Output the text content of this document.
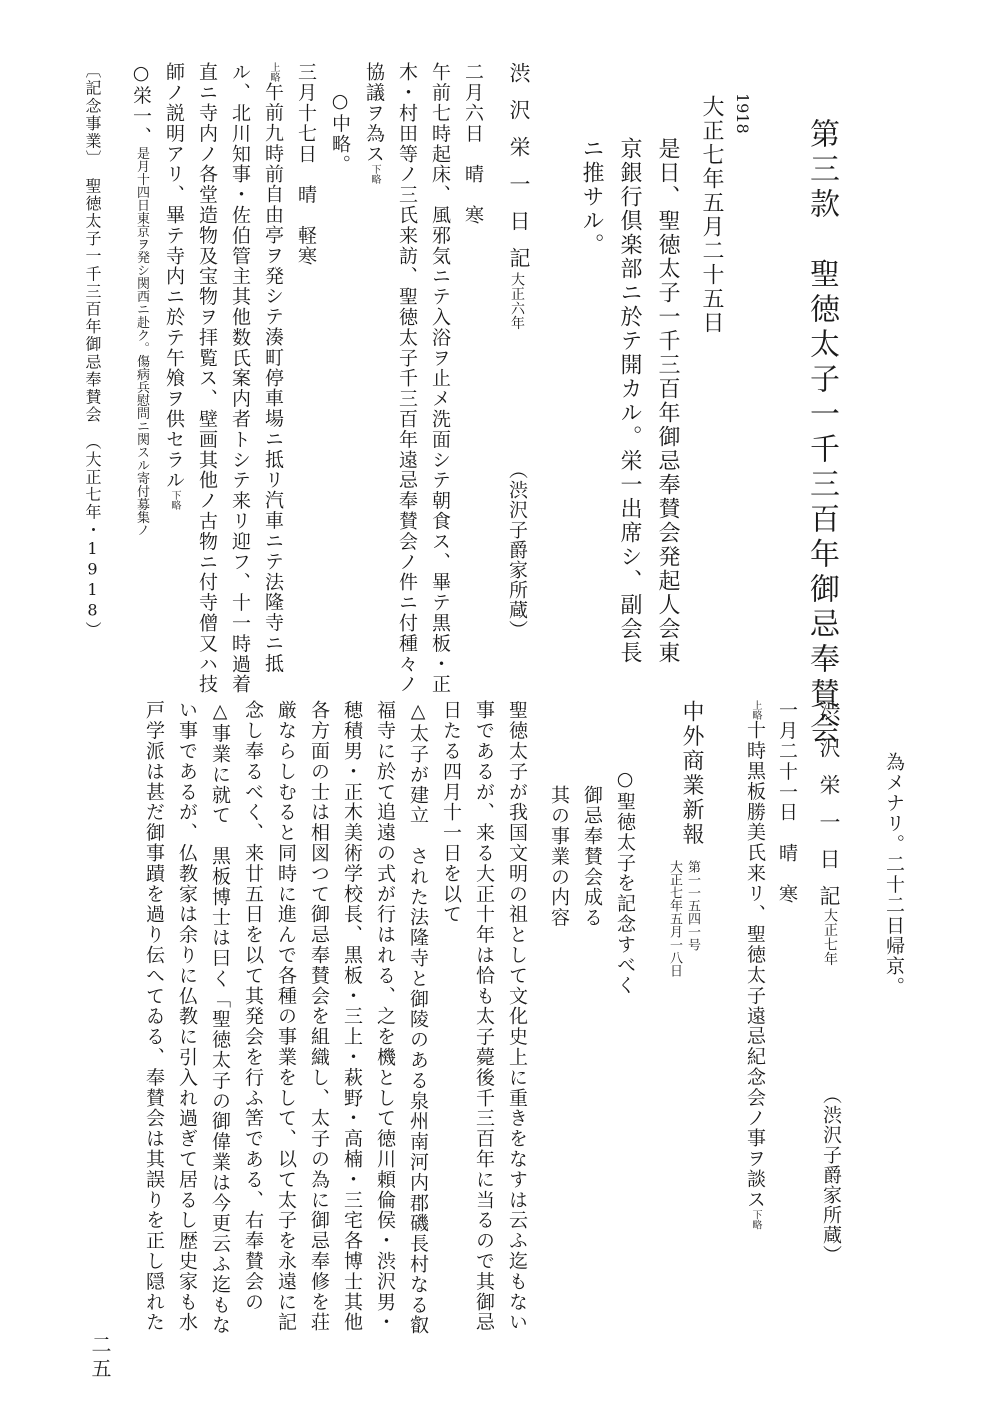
第三款　聖徳太子一千三百年御忌奉賛会
1918
大正七年五月二十五日
是日、聖徳太子一千三百年御忌奉賛会発起人会東
京銀行倶楽部ニ於テ開カル。栄一出席シ、副会長
ニ推サル。
渋沢栄一日記
大正六年
（渋沢子爵家所蔵）
二月六日　晴　寒
午前七時起床、風邪気ニテ入浴ヲ止メ洗面シテ朝食ス、畢テ黒板・正
木・村田等ノ三氏来訪、聖徳太子千三百年遠忌奉賛会ノ件ニ付種々ノ
協議ヲ為ス下略
○中略。
三月十七日　晴　軽寒
上略午前九時前自由亭ヲ発シテ湊町停車場ニ抵リ汽車ニテ法隆寺ニ抵
ル、北川知事・佐伯管主其他数氏案内者トシテ来リ迎フ、十一時過着
直ニ寺内ノ各堂造物及宝物ヲ拝覧ス、壁画其他ノ古物ニ付寺僧又ハ技
師ノ説明アリ、畢テ寺内ニ於テ午飧ヲ供セラル下略
○栄一、是月十四日東京ヲ発シ関西ニ赴ク。傷病兵慰問ニ関スル寄付募集ノ
〔記念事業〕　聖徳太子一千三百年御忌奉賛会　（大正七年・1918）
為メナリ。二十二日帰京。
渋沢栄一日記
大正七年
（渋沢子爵家所蔵）
一月二十一日　晴　寒
上略十時黒板勝美氏来リ、聖徳太子遠忌紀念会ノ事ヲ談ス下略
中外商業新報
第一一五四一号
大正七年五月一八日
○聖徳太子を記念すべく
御忌奉賛会成る
其の事業の内容
聖徳太子が我国文明の祖として文化史上に重きをなすは云ふ迄もない
事であるが、来る大正十年は恰も太子薨後千三百年に当るので其御忌
日たる四月十一日を以て
△太子が建立　された法隆寺と御陵のある泉州南河内郡磯長村なる叡
福寺に於て追遠の式が行はれる、之を機として徳川頼倫侯・渋沢男・
穂積男・正木美術学校長、黒板・三上・萩野・高楠・三宅各博士其他
各方面の士は相図つて御忌奉賛会を組織し、太子の為に御忌奉修を荘
厳ならしむると同時に進んで各種の事業をして、以て太子を永遠に記
念し奉るべく、来廿五日を以て其発会を行ふ筈である、右奉賛会の
△事業に就て　黒板博士は曰く「聖徳太子の御偉業は今更云ふ迄もな
い事であるが、仏教家は余りに仏教に引入れ過ぎて居るし歴史家も水
戸学派は甚だ御事蹟を過り伝へてゐる、奉賛会は其誤りを正し隠れた
二五
